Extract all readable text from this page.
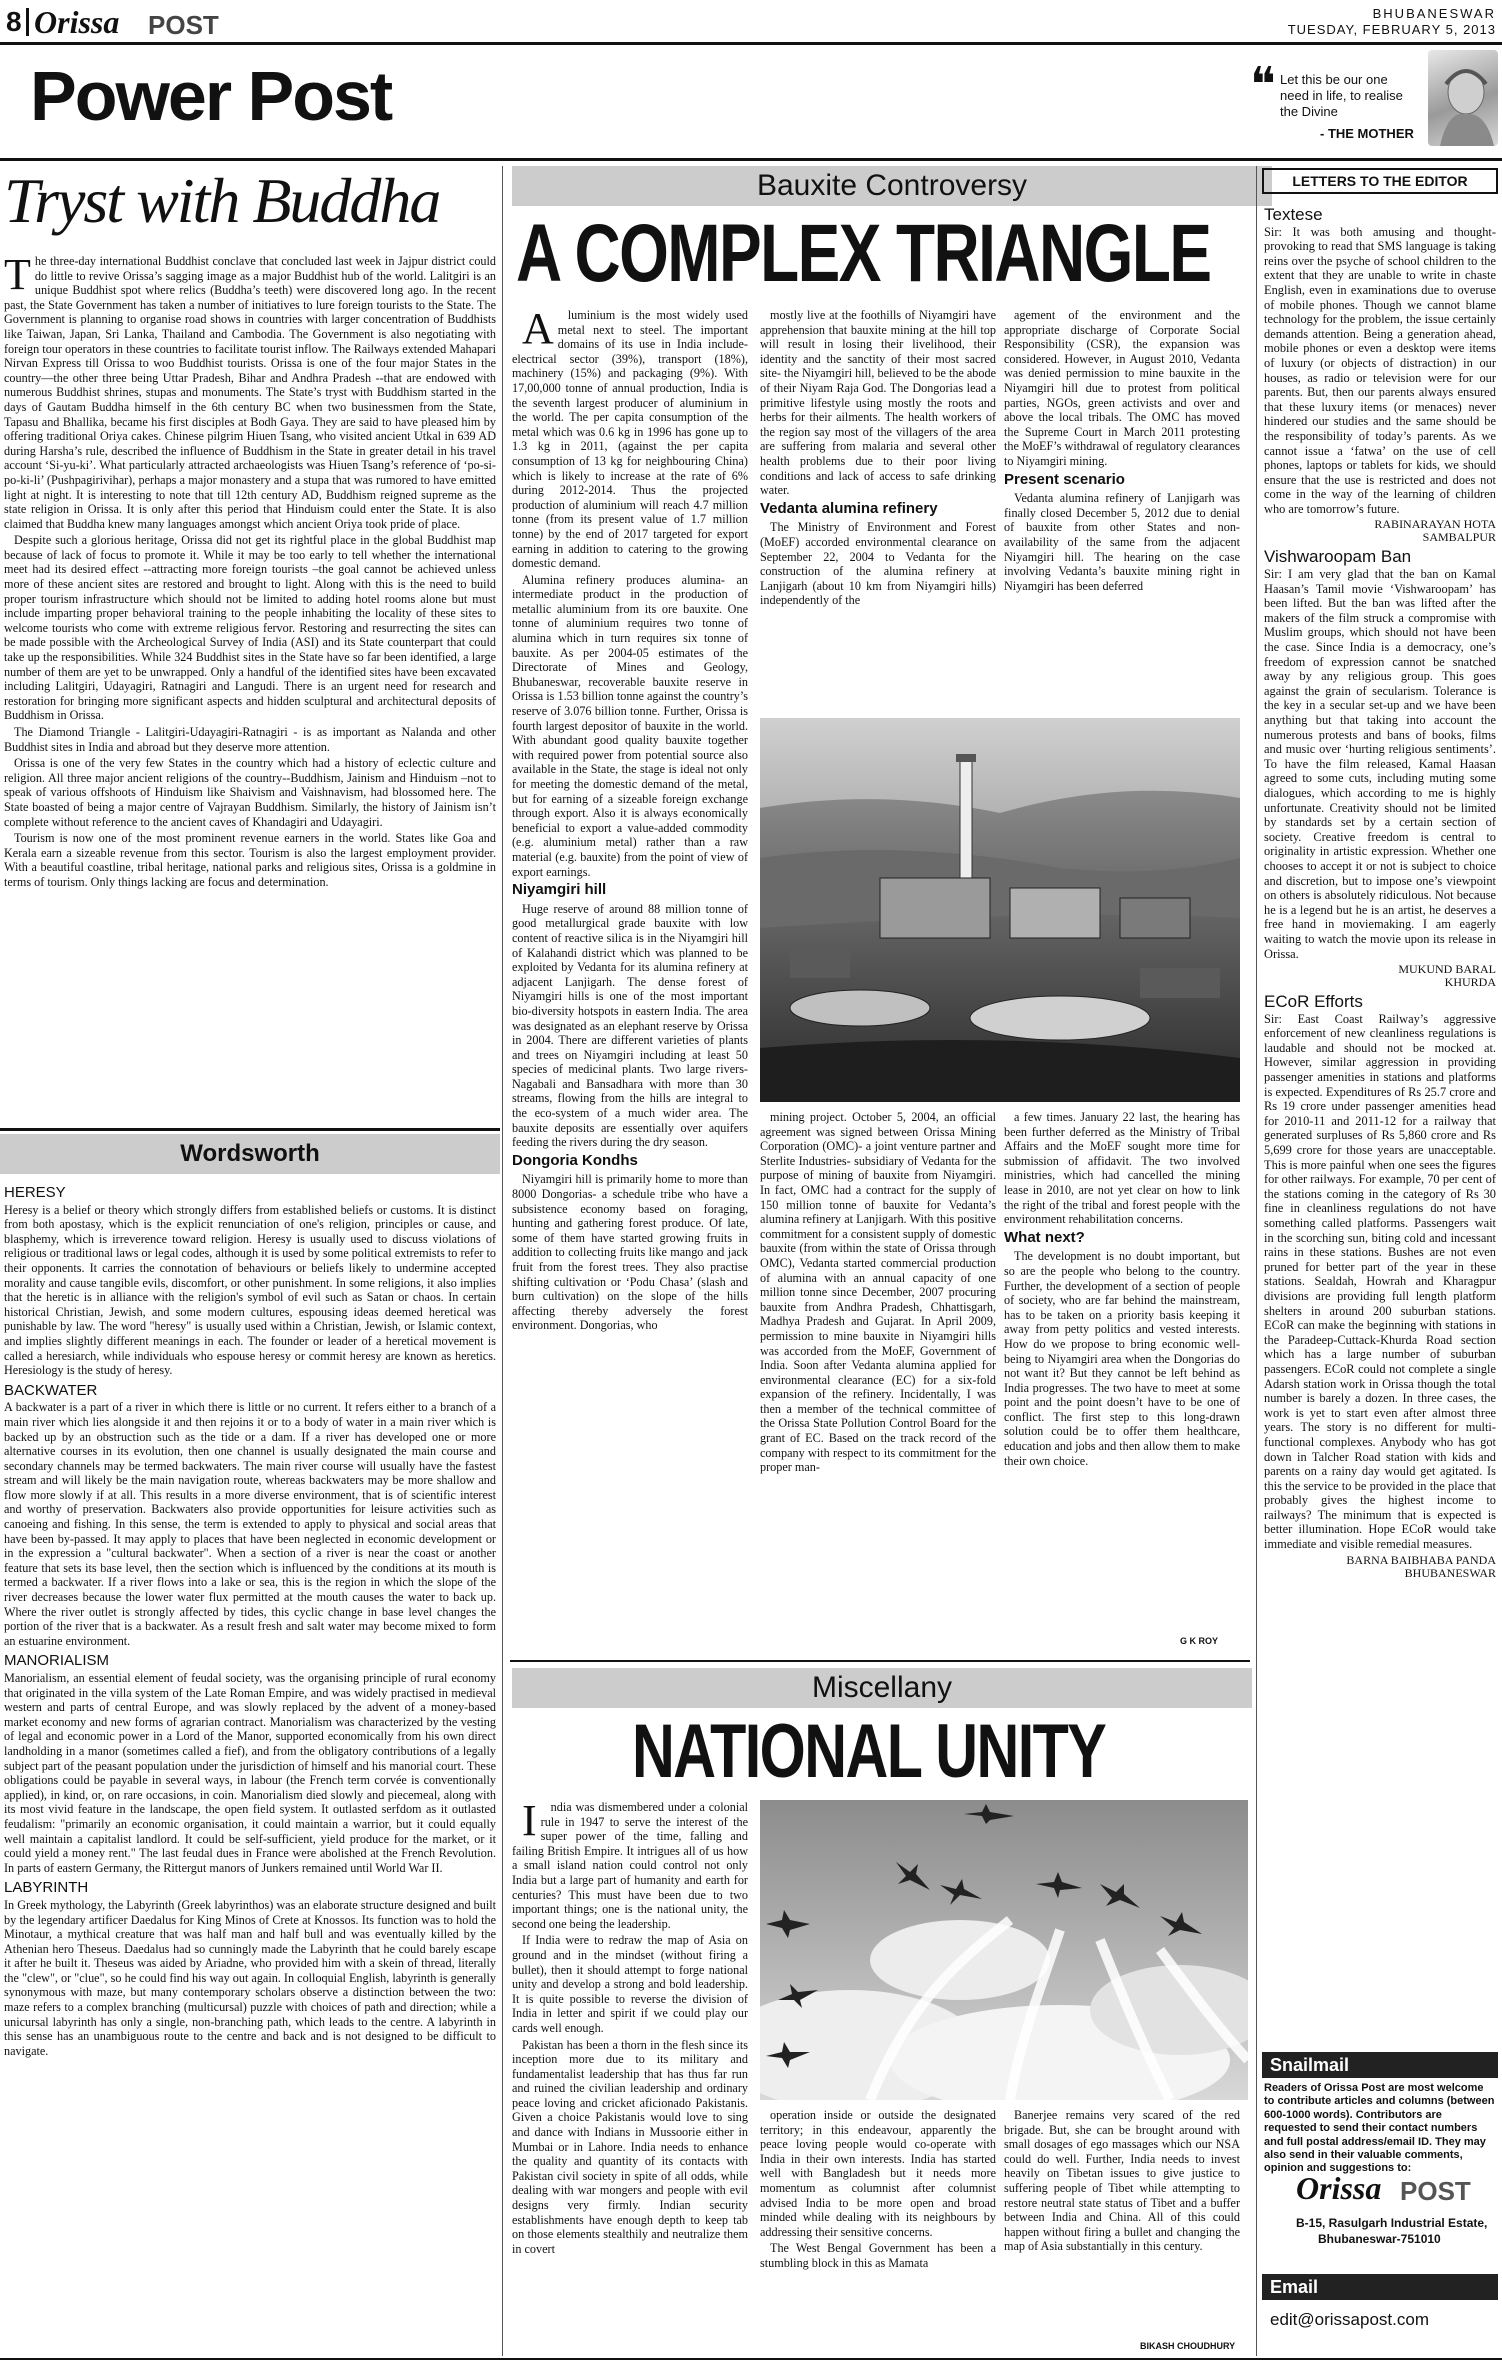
8 Orissa POST
Power Post
BHUBANESWAR
TUESDAY, FEBRUARY 5, 2013
❝ Let this be our one need in life, to realise the Divine
- THE MOTHER
Tryst with Buddha

The three-day international Buddhist conclave that concluded last week in Jajpur district could do little to revive Orissa’s sagging image as a major Buddhist hub of the world. Lalitgiri is an unique Buddhist spot where relics (Buddha’s teeth) were discovered long ago. In the recent past, the State Government has taken a number of initiatives to lure foreign tourists to the State. The Government is planning to organise road shows in countries with larger concentration of Buddhists like Taiwan, Japan, Sri Lanka, Thailand and Cambodia. The Government is also negotiating with foreign tour operators in these countries to facilitate tourist inflow. The Railways extended Mahapari Nirvan Express till Orissa to woo Buddhist tourists. Orissa is one of the four major States in the country—the other three being Uttar Pradesh, Bihar and Andhra Pradesh --that are endowed with numerous Buddhist shrines, stupas and monuments. The State’s tryst with Buddhism started in the days of Gautam Buddha himself in the 6th century BC when two businessmen from the State, Tapasu and Bhallika, became his first disciples at Bodh Gaya. They are said to have pleased him by offering traditional Oriya cakes. Chinese pilgrim Hiuen Tsang, who visited ancient Utkal in 639 AD during Harsha’s rule, described the influence of Buddhism in the State in greater detail in his travel account ‘Si-yu-ki’. What particularly attracted archaeologists was Hiuen Tsang’s reference of ‘po-si-po-ki-li’ (Pushpagirivihar), perhaps a major monastery and a stupa that was rumored to have emitted light at night. It is interesting to note that till 12th century AD, Buddhism reigned supreme as the state religion in Orissa. It is only after this period that Hinduism could enter the State. It is also claimed that Buddha knew many languages amongst which ancient Oriya took pride of place.

Despite such a glorious heritage, Orissa did not get its rightful place in the global Buddhist map because of lack of focus to promote it. While it may be too early to tell whether the international meet had its desired effect --attracting more foreign tourists –the goal cannot be achieved unless more of these ancient sites are restored and brought to light. Along with this is the need to build proper tourism infrastructure which should not be limited to adding hotel rooms alone but must include imparting proper behavioral training to the people inhabiting the locality of these sites to welcome tourists who come with extreme religious fervor. Restoring and resurrecting the sites can be made possible with the Archeological Survey of India (ASI) and its State counterpart that could take up the responsibilities. While 324 Buddhist sites in the State have so far been identified, a large number of them are yet to be unwrapped. Only a handful of the identified sites have been excavated including Lalitgiri, Udayagiri, Ratnagiri and Langudi. There is an urgent need for research and restoration for bringing more significant aspects and hidden sculptural and architectural deposits of Buddhism in Orissa.

The Diamond Triangle - Lalitgiri-Udayagiri-Ratnagiri - is as important as Nalanda and other Buddhist sites in India and abroad but they deserve more attention.

Orissa is one of the very few States in the country which had a history of eclectic culture and religion. All three major ancient religions of the country--Buddhism, Jainism and Hinduism –not to speak of various offshoots of Hinduism like Shaivism and Vaishnavism, had blossomed here. The State boasted of being a major centre of Vajrayan Buddhism. Similarly, the history of Jainism isn’t complete without reference to the ancient caves of Khandagiri and Udayagiri.

Tourism is now one of the most prominent revenue earners in the world. States like Goa and Kerala earn a sizeable revenue from this sector. Tourism is also the largest employment provider. With a beautiful coastline, tribal heritage, national parks and religious sites, Orissa is a goldmine in terms of tourism. Only things lacking are focus and determination.

Wordsworth
HERESY

Heresy is a belief or theory which strongly differs from established beliefs or customs. It is distinct from both apostasy, which is the explicit renunciation of one's religion, principles or cause, and blasphemy, which is irreverence toward religion. Heresy is usually used to discuss violations of religious or traditional laws or legal codes, although it is used by some political extremists to refer to their opponents. It carries the connotation of behaviours or beliefs likely to undermine accepted morality and cause tangible evils, discomfort, or other punishment. In some religions, it also implies that the heretic is in alliance with the religion's symbol of evil such as Satan or chaos. In certain historical Christian, Jewish, and some modern cultures, espousing ideas deemed heretical was punishable by law. The word "heresy" is usually used within a Christian, Jewish, or Islamic context, and implies slightly different meanings in each. The founder or leader of a heretical movement is called a heresiarch, while individuals who espouse heresy or commit heresy are known as heretics. Heresiology is the study of heresy.

BACKWATER

A backwater is a part of a river in which there is little or no current. It refers either to a branch of a main river which lies alongside it and then rejoins it or to a body of water in a main river which is backed up by an obstruction such as the tide or a dam. If a river has developed one or more alternative courses in its evolution, then one channel is usually designated the main course and secondary channels may be termed backwaters. The main river course will usually have the fastest stream and will likely be the main navigation route, whereas backwaters may be more shallow and flow more slowly if at all. This results in a more diverse environment, that is of scientific interest and worthy of preservation. Backwaters also provide opportunities for leisure activities such as canoeing and fishing. In this sense, the term is extended to apply to physical and social areas that have been by-passed. It may apply to places that have been neglected in economic development or in the expression a "cultural backwater". When a section of a river is near the coast or another feature that sets its base level, then the section which is influenced by the conditions at its mouth is termed a backwater. If a river flows into a lake or sea, this is the region in which the slope of the river decreases because the lower water flux permitted at the mouth causes the water to back up. Where the river outlet is strongly affected by tides, this cyclic change in base level changes the portion of the river that is a backwater. As a result fresh and salt water may become mixed to form an estuarine environment.

MANORIALISM

Manorialism, an essential element of feudal society, was the organising principle of rural economy that originated in the villa system of the Late Roman Empire, and was widely practised in medieval western and parts of central Europe, and was slowly replaced by the advent of a money-based market economy and new forms of agrarian contract. Manorialism was characterized by the vesting of legal and economic power in a Lord of the Manor, supported economically from his own direct landholding in a manor (sometimes called a fief), and from the obligatory contributions of a legally subject part of the peasant population under the jurisdiction of himself and his manorial court. These obligations could be payable in several ways, in labour (the French term corvée is conventionally applied), in kind, or, on rare occasions, in coin. Manorialism died slowly and piecemeal, along with its most vivid feature in the landscape, the open field system. It outlasted serfdom as it outlasted feudalism: "primarily an economic organisation, it could maintain a warrior, but it could equally well maintain a capitalist landlord. It could be self-sufficient, yield produce for the market, or it could yield a money rent." The last feudal dues in France were abolished at the French Revolution. In parts of eastern Germany, the Rittergut manors of Junkers remained until World War II.

LABYRINTH

In Greek mythology, the Labyrinth (Greek labyrinthos) was an elaborate structure designed and built by the legendary artificer Daedalus for King Minos of Crete at Knossos. Its function was to hold the Minotaur, a mythical creature that was half man and half bull and was eventually killed by the Athenian hero Theseus. Daedalus had so cunningly made the Labyrinth that he could barely escape it after he built it. Theseus was aided by Ariadne, who provided him with a skein of thread, literally the "clew", or "clue", so he could find his way out again. In colloquial English, labyrinth is generally synonymous with maze, but many contemporary scholars observe a distinction between the two: maze refers to a complex branching (multicursal) puzzle with choices of path and direction; while a unicursal labyrinth has only a single, non-branching path, which leads to the centre. A labyrinth in this sense has an unambiguous route to the centre and back and is not designed to be difficult to navigate.

Bauxite Controversy
A COMPLEX TRIANGLE

A luminium is the most widely used metal next to steel. The important domains of its use in India include- electrical sector (39%), transport (18%), machinery (15%) and packaging (9%). With 17,00,000 tonne of annual production, India is the seventh largest producer of aluminium in the world. The per capita consumption of the metal which was 0.6 kg in 1996 has gone up to 1.3 kg in 2011, (against the per capita consumption of 13 kg for neighbouring China) which is likely to increase at the rate of 6% during 2012-2014. Thus the projected production of aluminium will reach 4.7 million tonne (from its present value of 1.7 million tonne) by the end of 2017 targeted for export earning in addition to catering to the growing domestic demand.

Alumina refinery produces alumina- an intermediate product in the production of metallic aluminium from its ore bauxite. One tonne of aluminium requires two tonne of alumina which in turn requires six tonne of bauxite. As per 2004-05 estimates of the Directorate of Mines and Geology, Bhubaneswar, recoverable bauxite reserve in Orissa is 1.53 billion tonne against the country’s reserve of 3.076 billion tonne. Further, Orissa is fourth largest depositor of bauxite in the world. With abundant good quality bauxite together with required power from potential source also available in the State, the stage is ideal not only for meeting the domestic demand of the metal, but for earning of a sizeable foreign exchange through export. Also it is always economically beneficial to export a value-added commodity (e.g. aluminium metal) rather than a raw material (e.g. bauxite) from the point of view of export earnings.

Niyamgiri hill

Huge reserve of around 88 million tonne of good metallurgical grade bauxite with low content of reactive silica is in the Niyamgiri hill of Kalahandi district which was planned to be exploited by Vedanta for its alumina refinery at adjacent Lanjigarh. The dense forest of Niyamgiri hills is one of the most important bio-diversity hotspots in eastern India. The area was designated as an elephant reserve by Orissa in 2004. There are different varieties of plants and trees on Niyamgiri including at least 50 species of medicinal plants. Two large rivers-Nagabali and Bansadhara with more than 30 streams, flowing from the hills are integral to the eco-system of a much wider area. The bauxite deposits are essentially over aquifers feeding the rivers during the dry season.

Dongoria Kondhs

Niyamgiri hill is primarily home to more than 8000 Dongorias- a schedule tribe who have a subsistence economy based on foraging, hunting and gathering forest produce. Of late, some of them have started growing fruits in addition to collecting fruits like mango and jack fruit from the forest trees. They also practise shifting cultivation or ‘Podu Chasa’ (slash and burn cultivation) on the slope of the hills affecting thereby adversely the forest environment. Dongorias, who

mostly live at the foothills of Niyamgiri have apprehension that bauxite mining at the hill top will result in losing their livelihood, their identity and the sanctity of their most sacred site- the Niyamgiri hill, believed to be the abode of their Niyam Raja God. The Dongorias lead a primitive lifestyle using mostly the roots and herbs for their ailments. The health workers of the region say most of the villagers of the area are suffering from malaria and several other health problems due to their poor living conditions and lack of access to safe drinking water.

Vedanta alumina refinery

The Ministry of Environment and Forest (MoEF) accorded environmental clearance on September 22, 2004 to Vedanta for the construction of the alumina refinery at Lanjigarh (about 10 km from Niyamgiri hills) independently of the

agement of the environment and the appropriate discharge of Corporate Social Responsibility (CSR), the expansion was considered. However, in August 2010, Vedanta was denied permission to mine bauxite in the Niyamgiri hill due to protest from political parties, NGOs, green activists and over and above the local tribals. The OMC has moved the Supreme Court in March 2011 protesting the MoEF’s withdrawal of regulatory clearances to Niyamgiri mining.

Present scenario

Vedanta alumina refinery of Lanjigarh was finally closed December 5, 2012 due to denial of bauxite from other States and non-availability of the same from the adjacent Niyamgiri hill. The hearing on the case involving Vedanta’s bauxite mining right in Niyamgiri has been deferred

mining project. October 5, 2004, an official agreement was signed between Orissa Mining Corporation (OMC)- a joint venture partner and Sterlite Industries- subsidiary of Vedanta for the purpose of mining of bauxite from Niyamgiri. In fact, OMC had a contract for the supply of 150 million tonne of bauxite for Vedanta’s alumina refinery at Lanjigarh. With this positive commitment for a consistent supply of domestic bauxite (from within the state of Orissa through OMC), Vedanta started commercial production of alumina with an annual capacity of one million tonne since December, 2007 procuring bauxite from Andhra Pradesh, Chhattisgarh, Madhya Pradesh and Gujarat. In April 2009, permission to mine bauxite in Niyamgiri hills was accorded from the MoEF, Government of India. Soon after Vedanta alumina applied for environmental clearance (EC) for a six-fold expansion of the refinery. Incidentally, I was then a member of the technical committee of the Orissa State Pollution Control Board for the grant of EC. Based on the track record of the company with respect to its commitment for the proper man-

a few times. January 22 last, the hearing has been further deferred as the Ministry of Tribal Affairs and the MoEF sought more time for submission of affidavit. The two involved ministries, which had cancelled the mining lease in 2010, are not yet clear on how to link the right of the tribal and forest people with the environment rehabilitation concerns.

What next?

The development is no doubt important, but so are the people who belong to the country. Further, the development of a section of people of society, who are far behind the mainstream, has to be taken on a priority basis keeping it away from petty politics and vested interests. How do we propose to bring economic well-being to Niyamgiri area when the Dongorias do not want it? But they cannot be left behind as India progresses. The two have to meet at some point and the point doesn’t have to be one of conflict. The first step to this long-drawn solution could be to offer them healthcare, education and jobs and then allow them to make their own choice.

G K ROY
Miscellany
NATIONAL UNITY

I ndia was dismembered under a colonial rule in 1947 to serve the interest of the super power of the time, falling and failing British Empire. It intrigues all of us how a small island nation could control not only India but a large part of humanity and earth for centuries? This must have been due to two important things; one is the national unity, the second one being the leadership.

If India were to redraw the map of Asia on ground and in the mindset (without firing a bullet), then it should attempt to forge national unity and develop a strong and bold leadership. It is quite possible to reverse the division of India in letter and spirit if we could play our cards well enough.

Pakistan has been a thorn in the flesh since its inception more due to its military and fundamentalist leadership that has thus far run and ruined the civilian leadership and ordinary peace loving and cricket aficionado Pakistanis. Given a choice Pakistanis would love to sing and dance with Indians in Mussoorie either in Mumbai or in Lahore. India needs to enhance the quality and quantity of its contacts with Pakistan civil society in spite of all odds, while dealing with war mongers and people with evil designs very firmly. Indian security establishments have enough depth to keep tab on those elements stealthily and neutralize them in covert

operation inside or outside the designated territory; in this endeavour, apparently the peace loving people would co-operate with India in their own interests. India has started well with Bangladesh but it needs more momentum as columnist after columnist advised India to be more open and broad minded while dealing with its neighbours by addressing their sensitive concerns.

The West Bengal Government has been a stumbling block in this as Mamata

Banerjee remains very scared of the red brigade. But, she can be brought around with small dosages of ego massages which our NSA could do well. Further, India needs to invest heavily on Tibetan issues to give justice to suffering people of Tibet while attempting to restore neutral state status of Tibet and a buffer between India and China. All of this could happen without firing a bullet and changing the map of Asia substantially in this century.

BIKASH CHOUDHURY
LETTERS TO THE EDITOR
Textese

Sir: It was both amusing and thought-provoking to read that SMS language is taking reins over the psyche of school children to the extent that they are unable to write in chaste English, even in examinations due to overuse of mobile phones. Though we cannot blame technology for the problem, the issue certainly demands attention. Being a generation ahead, mobile phones or even a desktop were items of luxury (or objects of distraction) in our houses, as radio or television were for our parents. But, then our parents always ensured that these luxury items (or menaces) never hindered our studies and the same should be the responsibility of today’s parents. As we cannot issue a ‘fatwa’ on the use of cell phones, laptops or tablets for kids, we should ensure that the use is restricted and does not come in the way of the learning of children who are tomorrow’s future.

RABINARAYAN HOTA
SAMBALPUR
Vishwaroopam Ban

Sir: I am very glad that the ban on Kamal Haasan’s Tamil movie ‘Vishwaroopam’ has been lifted. But the ban was lifted after the makers of the film struck a compromise with Muslim groups, which should not have been the case. Since India is a democracy, one’s freedom of expression cannot be snatched away by any religious group. This goes against the grain of secularism. Tolerance is the key in a secular set-up and we have been anything but that taking into account the numerous protests and bans of books, films and music over ‘hurting religious sentiments’. To have the film released, Kamal Haasan agreed to some cuts, including muting some dialogues, which according to me is highly unfortunate. Creativity should not be limited by standards set by a certain section of society. Creative freedom is central to originality in artistic expression. Whether one chooses to accept it or not is subject to choice and discretion, but to impose one’s viewpoint on others is absolutely ridiculous. Not because he is a legend but he is an artist, he deserves a free hand in moviemaking. I am eagerly waiting to watch the movie upon its release in Orissa.

MUKUND BARAL
KHURDA
ECoR Efforts

Sir: East Coast Railway’s aggressive enforcement of new cleanliness regulations is laudable and should not be mocked at. However, similar aggression in providing passenger amenities in stations and platforms is expected. Expenditures of Rs 25.7 crore and Rs 19 crore under passenger amenities head for 2010-11 and 2011-12 for a railway that generated surpluses of Rs 5,860 crore and Rs 5,699 crore for those years are unacceptable. This is more painful when one sees the figures for other railways. For example, 70 per cent of the stations coming in the category of Rs 30 fine in cleanliness regulations do not have something called platforms. Passengers wait in the scorching sun, biting cold and incessant rains in these stations. Bushes are not even pruned for better part of the year in these stations. Sealdah, Howrah and Kharagpur divisions are providing full length platform shelters in around 200 suburban stations. ECoR can make the beginning with stations in the Paradeep-Cuttack-Khurda Road section which has a large number of suburban passengers. ECoR could not complete a single Adarsh station work in Orissa though the total number is barely a dozen. In three cases, the work is yet to start even after almost three years. The story is no different for multi-functional complexes. Anybody who has got down in Talcher Road station with kids and parents on a rainy day would get agitated. Is this the service to be provided in the place that probably gives the highest income to railways? The minimum that is expected is better illumination. Hope ECoR would take immediate and visible remedial measures.

BARNA BAIBHABA PANDA
BHUBANESWAR
Snailmail
Readers of Orissa Post are most welcome to contribute articles and columns (between 600-1000 words). Contributors are requested to send their contact numbers and full postal address/email ID. They may also send in their valuable comments, opinion and suggestions to:
Orissa POST
B-15, Rasulgarh Industrial Estate,
Bhubaneswar-751010
Email
edit@orissapost.com
